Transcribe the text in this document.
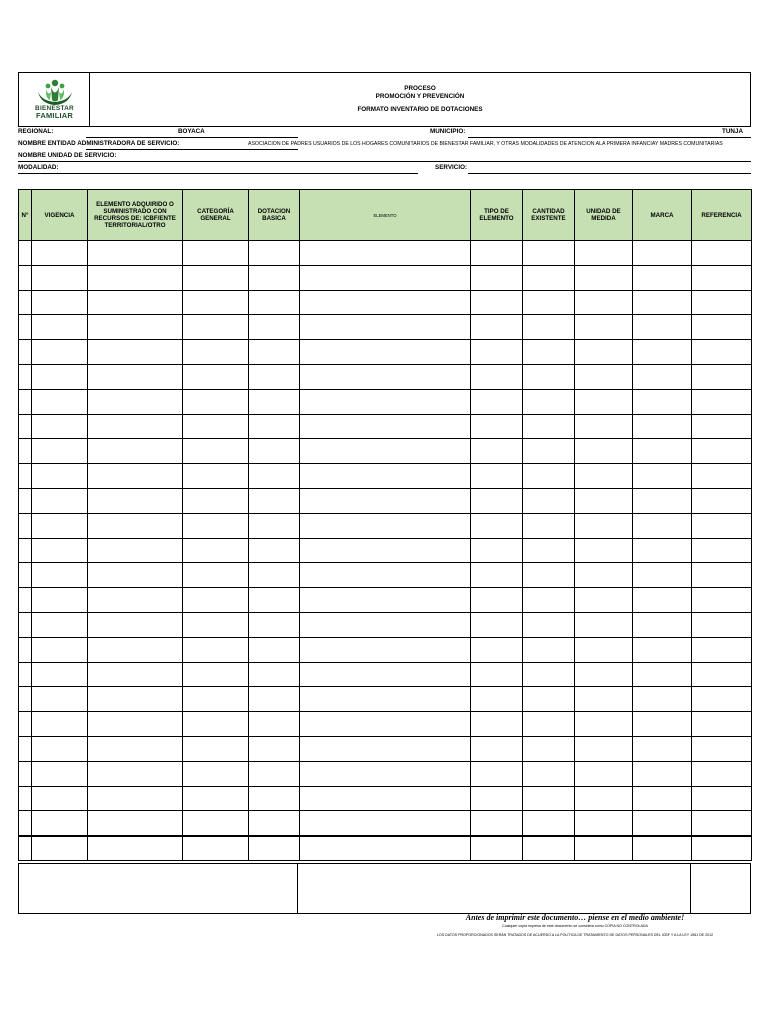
BIENESTAR
FAMILIAR
PROCESO
PROMOCIÓN Y PREVENCIÓN
FORMATO INVENTARIO DE DOTACIONES
REGIONAL:	BOYACA	MUNICIPIO:	TUNJA
NOMBRE ENTIDAD ADMINISTRADORA DE SERVICIO:	ASOCIACION DE PADRES USUARIOS DE LOS HOGARES COMUNITARIOS DE BIENESTAR FAMILIAR, Y OTRAS MODALIDADES DE ATENCION ALA PRIMERA INFANCIAY MADRES COMUNITARIAS
NOMBRE UNIDAD DE SERVICIO:
MODALIDAD:	SERVICIO:
N°	VIGENCIA	ELEMENTO ADQUIRIDO O SUMINISTRADO CON RECURSOS DE: ICBF/ENTE TERRITORIAL/OTRO	CATEGORÍA GENERAL	DOTACION BASICA	ELEMENTO	TIPO DE ELEMENTO	CANTIDAD EXISTENTE	UNIDAD DE MEDIDA	MARCA	REFERENCIA

Antes de imprimir este documento… piense en el medio ambiente!
Cualquier copia impresa de este documento se considera como COPIA NO CONTROLADA
LOS DATOS PROPORCIONADOS SERÁN TRATADOS DE ACUERDO A LA POLÍTICA DE TRATAMIENTO DE DATOS PERSONALES DEL ICBF Y A LA LEY 1581 DE 2012
